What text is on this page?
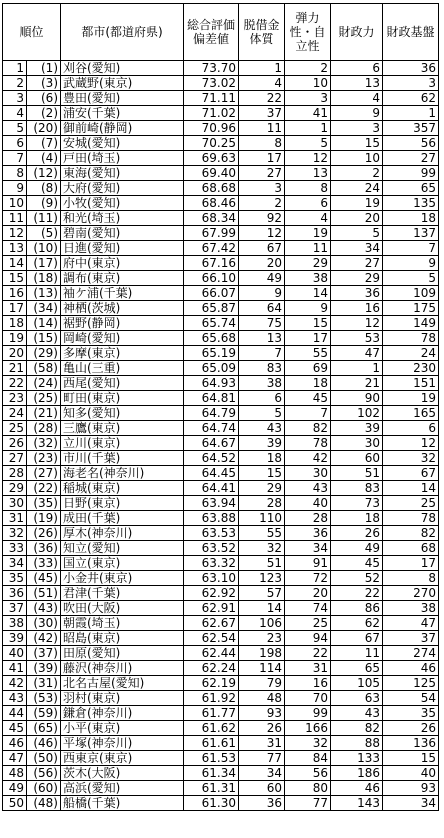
順位		都市(都道府県)	総合評価偏差値	脱借金体質	弾力性・自立性	財政力	財政基盤
1	(1)	刈谷(愛知)	73.70	1	2	6	36
2	(3)	武蔵野(東京)	73.02	4	10	13	3
3	(6)	豊田(愛知)	71.11	22	3	4	62
4	(2)	浦安(千葉)	71.02	37	41	9	1
5	(20)	御前崎(静岡)	70.96	11	1	3	357
6	(7)	安城(愛知)	70.25	8	5	15	56
7	(4)	戸田(埼玉)	69.63	17	12	10	27
8	(12)	東海(愛知)	69.40	27	13	2	99
9	(8)	大府(愛知)	68.68	3	8	24	65
10	(9)	小牧(愛知)	68.46	2	6	19	135
11	(11)	和光(埼玉)	68.34	92	4	20	18
12	(5)	碧南(愛知)	67.99	12	19	5	137
13	(10)	日進(愛知)	67.42	67	11	34	7
14	(17)	府中(東京)	67.16	20	29	27	9
15	(18)	調布(東京)	66.10	49	38	29	5
16	(13)	袖ケ浦(千葉)	66.07	9	14	36	109
17	(34)	神栖(茨城)	65.87	64	9	16	175
18	(14)	裾野(静岡)	65.74	75	15	12	149
19	(15)	岡崎(愛知)	65.68	13	17	53	78
20	(29)	多摩(東京)	65.19	7	55	47	24
21	(58)	亀山(三重)	65.09	83	69	1	230
22	(24)	西尾(愛知)	64.93	38	18	21	151
23	(25)	町田(東京)	64.81	6	45	90	19
24	(21)	知多(愛知)	64.79	5	7	102	165
25	(28)	三鷹(東京)	64.74	43	82	39	6
26	(32)	立川(東京)	64.67	39	78	30	12
27	(23)	市川(千葉)	64.52	18	42	60	32
28	(27)	海老名(神奈川)	64.45	15	30	51	67
29	(22)	稲城(東京)	64.41	29	43	83	14
30	(35)	日野(東京)	63.94	28	40	73	25
31	(19)	成田(千葉)	63.88	110	28	18	78
32	(26)	厚木(神奈川)	63.53	55	36	26	82
33	(36)	知立(愛知)	63.52	32	34	49	68
34	(33)	国立(東京)	63.32	51	91	45	17
35	(45)	小金井(東京)	63.10	123	72	52	8
36	(51)	君津(千葉)	62.92	57	20	22	270
37	(43)	吹田(大阪)	62.91	14	74	86	38
38	(30)	朝霞(埼玉)	62.67	106	25	62	47
39	(42)	昭島(東京)	62.54	23	94	67	37
40	(37)	田原(愛知)	62.44	198	22	11	274
41	(39)	藤沢(神奈川)	62.24	114	31	65	46
42	(31)	北名古屋(愛知)	62.19	79	16	105	125
43	(53)	羽村(東京)	61.92	48	70	63	54
44	(59)	鎌倉(神奈川)	61.77	93	99	43	35
45	(65)	小平(東京)	61.62	26	166	82	26
46	(46)	平塚(神奈川)	61.61	31	32	88	136
47	(50)	西東京(東京)	61.53	77	84	133	15
48	(56)	茨木(大阪)	61.34	34	56	186	40
49	(60)	高浜(愛知)	61.31	60	80	46	93
50	(48)	船橋(千葉)	61.30	36	77	143	34
